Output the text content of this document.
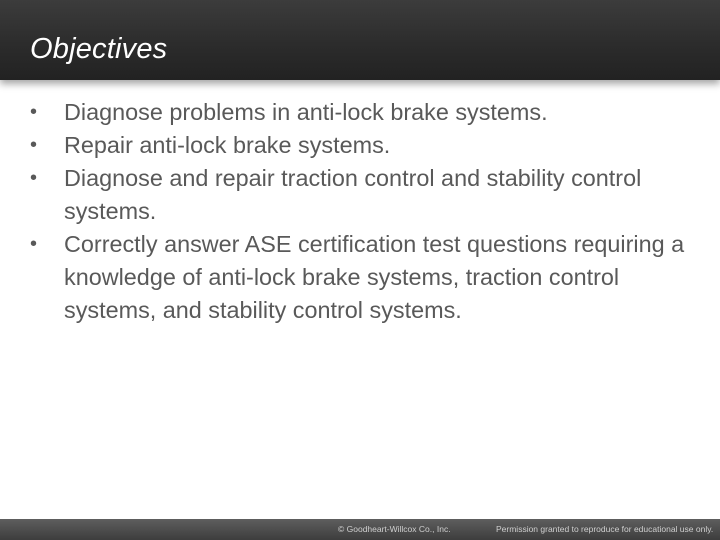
Objectives
• Diagnose problems in anti-lock brake systems.
• Repair anti-lock brake systems.
• Diagnose and repair traction control and stability control systems.
• Correctly answer ASE certification test questions requiring a knowledge of anti-lock brake systems, traction control systems, and stability control systems.
© Goodheart-Willcox Co., Inc.	Permission granted to reproduce for educational use only.
